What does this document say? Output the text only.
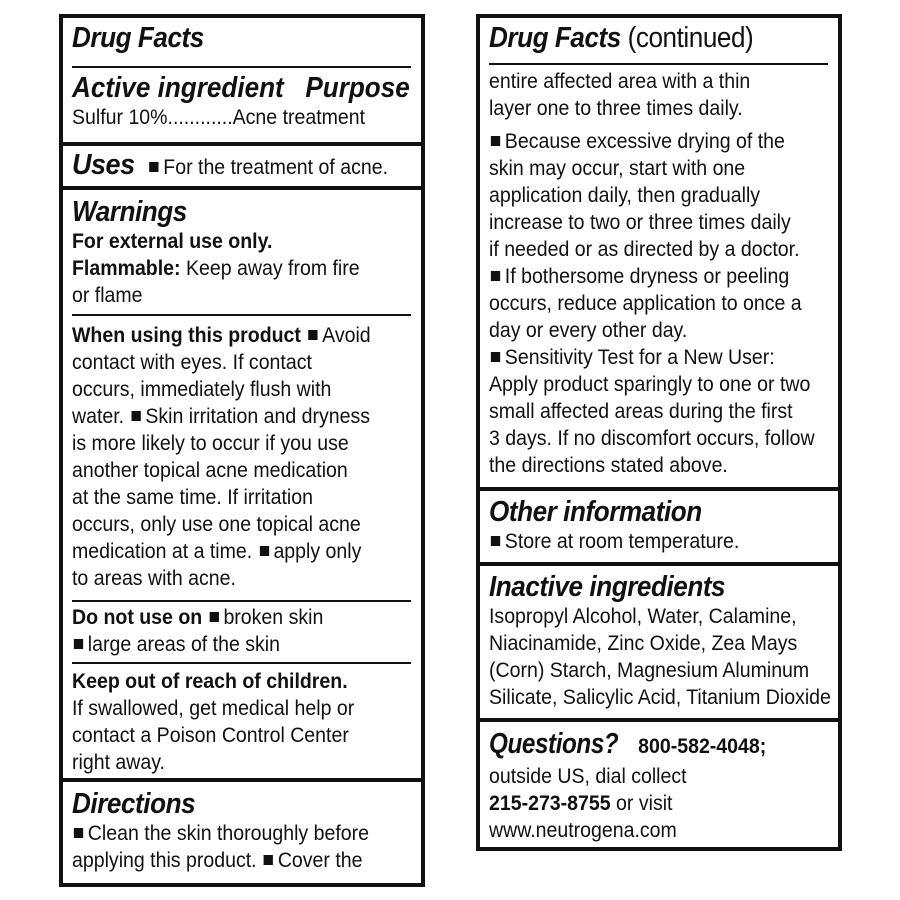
Drug Facts
Active ingredient Purpose
Sulfur 10%............Acne treatment
Uses For the treatment of acne.
Warnings
For external use only.
Flammable: Keep away from fire
or flame
When using this product Avoid
contact with eyes. If contact
occurs, immediately flush with
water. Skin irritation and dryness
is more likely to occur if you use
another topical acne medication
at the same time. If irritation
occurs, only use one topical acne
medication at a time. apply only
to areas with acne.
Do not use on broken skin
large areas of the skin
Keep out of reach of children.
If swallowed, get medical help or
contact a Poison Control Center
right away.
Directions
Clean the skin thoroughly before
applying this product. Cover the
Drug Facts (continued)
entire affected area with a thin
layer one to three times daily.
Because excessive drying of the
skin may occur, start with one
application daily, then gradually
increase to two or three times daily
if needed or as directed by a doctor.
If bothersome dryness or peeling
occurs, reduce application to once a
day or every other day.
Sensitivity Test for a New User:
Apply product sparingly to one or two
small affected areas during the first
3 days. If no discomfort occurs, follow
the directions stated above.
Other information
Store at room temperature.
Inactive ingredients
Isopropyl Alcohol, Water, Calamine,
Niacinamide, Zinc Oxide, Zea Mays
(Corn) Starch, Magnesium Aluminum
Silicate, Salicylic Acid, Titanium Dioxide
Questions? 800-582-4048;
outside US, dial collect
215-273-8755 or visit
www.neutrogena.com
